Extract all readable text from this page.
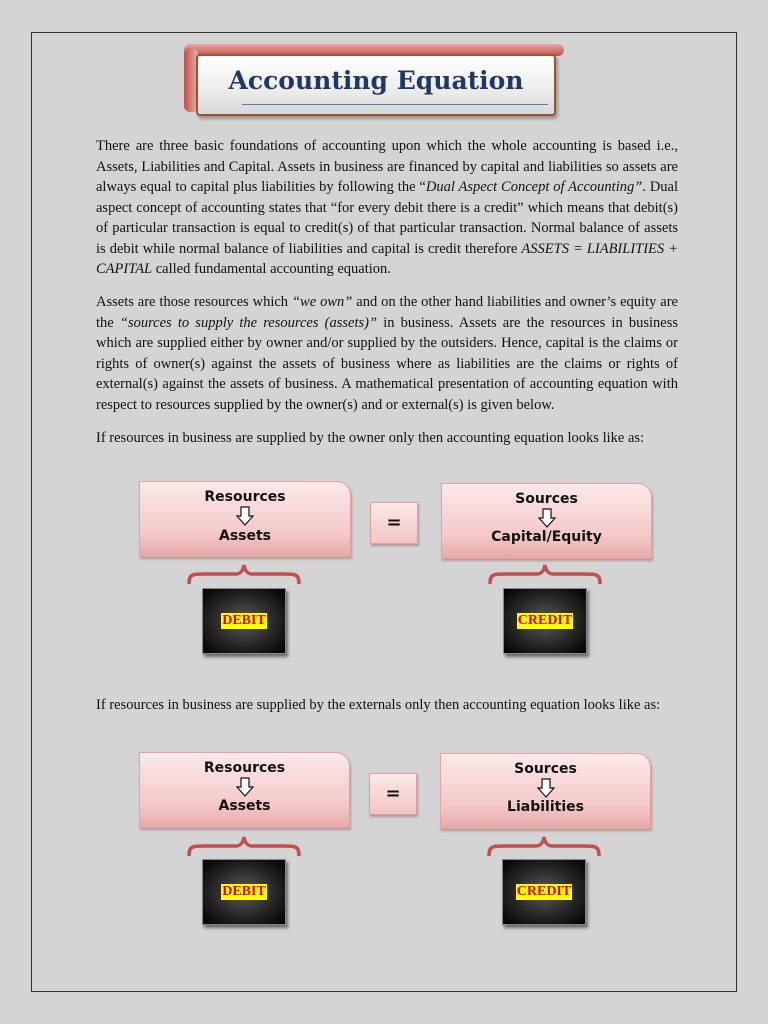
Accounting Equation

There are three basic foundations of accounting upon which the whole accounting is based i.e., Assets, Liabilities and Capital. Assets in business are financed by capital and liabilities so assets are always equal to capital plus liabilities by following the “Dual Aspect Concept of Accounting”. Dual aspect concept of accounting states that “for every debit there is a credit” which means that debit(s) of particular transaction is equal to credit(s) of that particular transaction. Normal balance of assets is debit while normal balance of liabilities and capital is credit therefore ASSETS = LIABILITIES + CAPITAL called fundamental accounting equation.

Assets are those resources which “we own” and on the other hand liabilities and owner’s equity are the “sources to supply the resources (assets)” in business. Assets are the resources in business which are supplied either by owner and/or supplied by the outsiders. Hence, capital is the claims or rights of owner(s) against the assets of business where as liabilities are the claims or rights of external(s) against the assets of business. A mathematical presentation of accounting equation with respect to resources supplied by the owner(s) and or external(s) is given below.

If resources in business are supplied by the owner only then accounting equation looks like as:

Resources
Assets
=
Sources
Capital/Equity
DEBIT	CREDIT

If resources in business are supplied by the externals only then accounting equation looks like as:

Resources
Assets
=
Sources
Liabilities
DEBIT	CREDIT
